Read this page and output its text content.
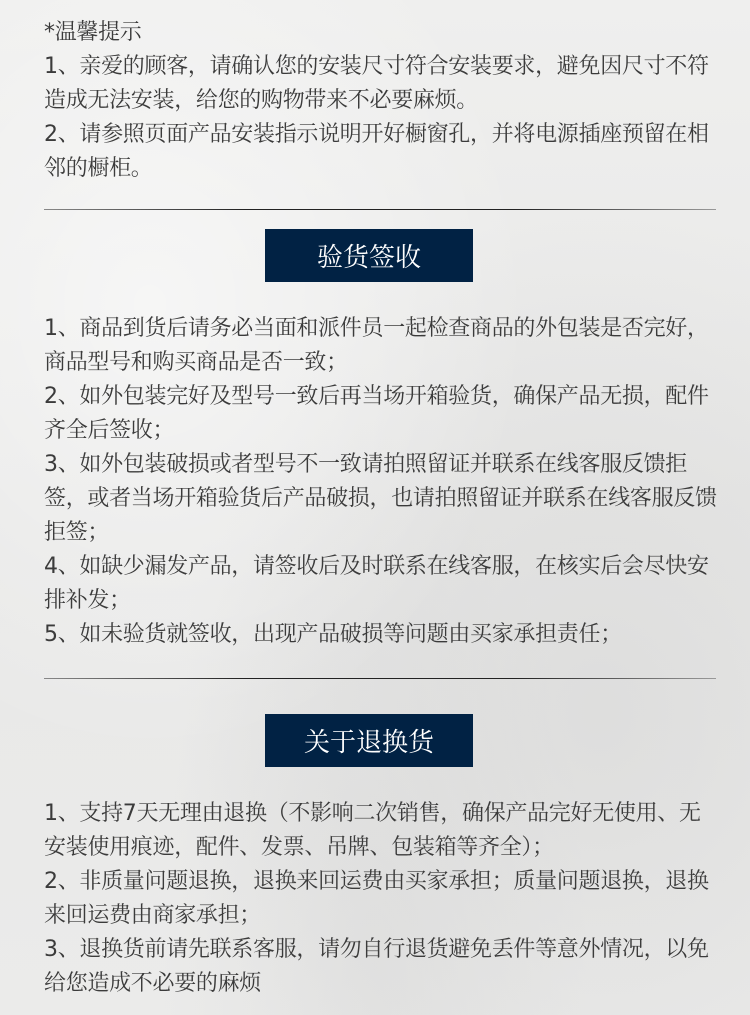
*温馨提示

1、亲爱的顾客，请确认您的安装尺寸符合安装要求，避免因尺寸不符造成无法安装，给您的购物带来不必要麻烦。

2、请参照页面产品安装指示说明开好橱窗孔，并将电源插座预留在相邻的橱柜。

验货签收

1、商品到货后请务必当面和派件员一起检查商品的外包装是否完好，商品型号和购买商品是否一致；

2、如外包装完好及型号一致后再当场开箱验货，确保产品无损，配件齐全后签收；

3、如外包装破损或者型号不一致请拍照留证并联系在线客服反馈拒签，或者当场开箱验货后产品破损，也请拍照留证并联系在线客服反馈拒签；

4、如缺少漏发产品，请签收后及时联系在线客服，在核实后会尽快安排补发；

5、如未验货就签收，出现产品破损等问题由买家承担责任；

关于退换货

1、支持7天无理由退换（不影响二次销售，确保产品完好无使用、无安装使用痕迹，配件、发票、吊牌、包装箱等齐全）；

2、非质量问题退换，退换来回运费由买家承担；质量问题退换，退换来回运费由商家承担；

3、退换货前请先联系客服，请勿自行退货避免丢件等意外情况，以免给您造成不必要的麻烦
